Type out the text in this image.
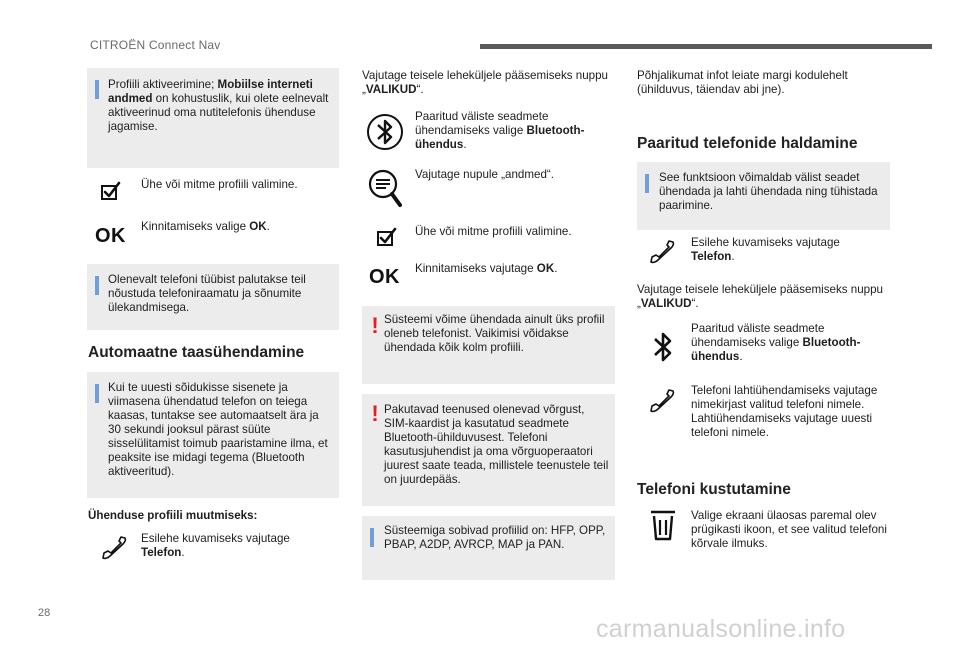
CITROËN Connect Nav

Profiili aktiveerimine; Mobiilse interneti andmed on kohustuslik, kui olete eelnevalt aktiveerinud oma nutitelefonis ühenduse jagamise.

Ühe või mitme profiili valimine.
OK Kinnitamiseks valige OK.

Olenevalt telefoni tüübist palutakse teil nõustuda telefoniraamatu ja sõnumite ülekandmisega.

Automaatne taasühendamine

Kui te uuesti sõidukisse sisenete ja viimasena ühendatud telefon on teiega kaasas, tuntakse see automaatselt ära ja 30 sekundi jooksul pärast süüte sisselülitamist toimub paaristamine ilma, et peaksite ise midagi tegema (Bluetooth aktiveeritud).

Ühenduse profiili muutmiseks:
Esilehe kuvamiseks vajutage Telefon.
Vajutage teisele leheküljele pääsemiseks nuppu „VALIKUD“.
Paaritud väliste seadmete ühendamiseks valige Bluetooth-ühendus.
Vajutage nupule „andmed“.
Ühe või mitme profiili valimine.
OK Kinnitamiseks vajutage OK.
! Süsteemi võime ühendada ainult üks profiil oleneb telefonist. Vaikimisi võidakse ühendada kõik kolm profiili.

! Pakutavad teenused olenevad võrgust, SIM-kaardist ja kasutatud seadmete Bluetooth-ühilduvusest. Telefoni kasutusjuhendist ja oma võrguoperaatori juurest saate teada, millistele teenustele teil on juurdepääs.

Süsteemiga sobivad profiilid on: HFP, OPP, PBAP, A2DP, AVRCP, MAP ja PAN.

Põhjalikumat infot leiate margi kodulehelt (ühilduvus, täiendav abi jne).
Paaritud telefonide haldamine

See funktsioon võimaldab välist seadet ühendada ja lahti ühendada ning tühistada paarimine.

Esilehe kuvamiseks vajutage Telefon.
Vajutage teisele leheküljele pääsemiseks nuppu „VALIKUD“.
Paaritud väliste seadmete ühendamiseks valige Bluetooth-ühendus.
Telefoni lahtiühendamiseks vajutage nimekirjast valitud telefoni nimele. Lahtiühendamiseks vajutage uuesti telefoni nimele.
Telefoni kustutamine
Valige ekraani ülaosas paremal olev prügikasti ikoon, et see valitud telefoni kõrvale ilmuks.
28
carmanualsonline.info
